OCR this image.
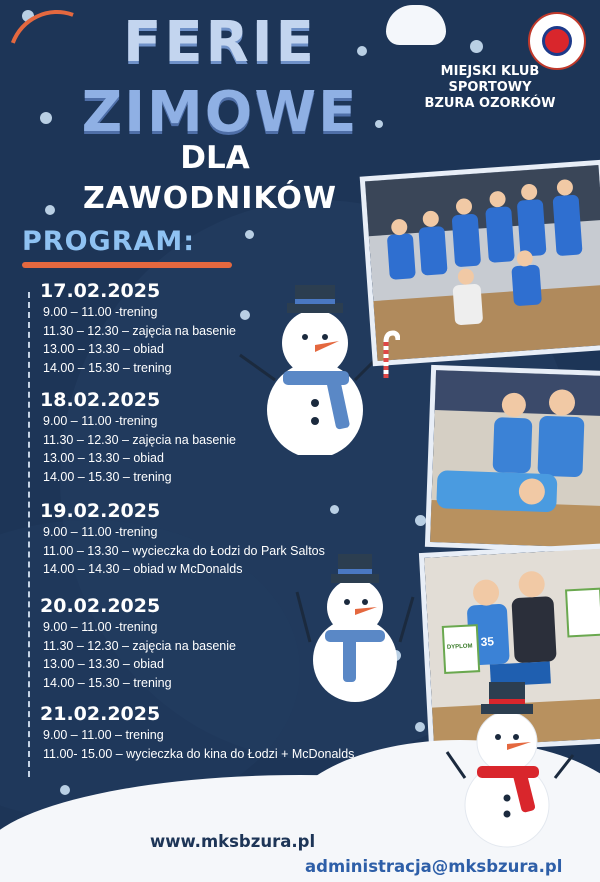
FERIE
ZIMOWE
DLA
ZAWODNIKÓW
MIEJSKI KLUB
SPORTOWY
BZURA OZORKÓW
PROGRAM:
17.02.2025
9.00 – 11.00 -trening
11.30 – 12.30 – zajęcia na basenie
13.00 – 13.30 – obiad
14.00 – 15.30 – trening
18.02.2025
9.00 – 11.00 -trening
11.30 – 12.30 – zajęcia na basenie
13.00 – 13.30 – obiad
14.00 – 15.30 – trening
19.02.2025
9.00 – 11.00 -trening
11.00 – 13.30 – wycieczka do Łodzi do Park Saltos
14.00 – 14.30 – obiad w McDonalds
20.02.2025
9.00 – 11.00 -trening
11.30 – 12.30 – zajęcia na basenie
13.00 – 13.30 – obiad
14.00 – 15.30 – trening
21.02.2025
9.00 – 11.00 – trening
11.00- 15.00 – wycieczka do kina do Łodzi + McDonalds
DYPLOM 35
www.mksbzura.pl
administracja@mksbzura.pl
